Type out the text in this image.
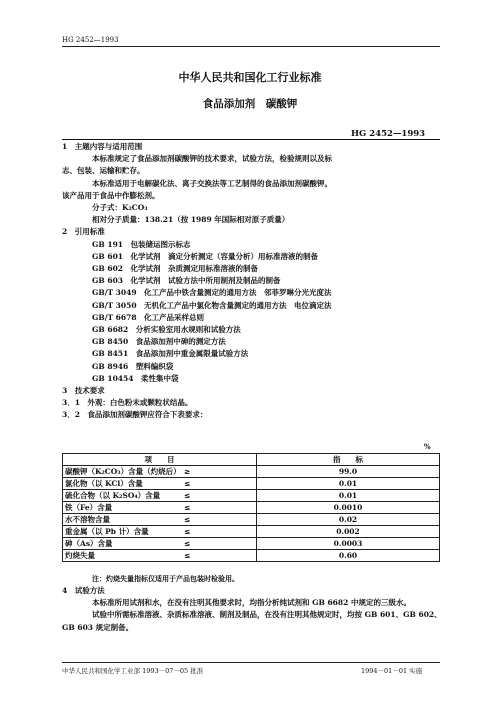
HG 2452—1993
中华人民共和国化工行业标准
食品添加剂　碳酸钾
HG 2452—1993

1　主题内容与适用范围

本标准规定了食品添加剂碳酸钾的技术要求，试验方法，检验规则以及标

志、包装、运输和贮存。

本标准适用于电解碳化法、离子交换法等工艺制得的食品添加剂碳酸钾。

该产品用于食品中作膨松剂。

分子式：K₂CO₃

相对分子质量：138.21（按 1989 年国际相对原子质量）

2　引用标准

GB 191　包装储运图示标志

GB 601　化学试剂　滴定分析测定（容量分析）用标准溶液的制备

GB 602　化学试剂　杂质测定用标准溶液的制备

GB 603　化学试剂　试验方法中所用制剂及制品的制备

GB/T 3049　化工产品中铁含量测定的通用方法　邻菲罗啉分光光度法

GB/T 3050　无机化工产品中氯化物含量测定的通用方法　电位滴定法

GB/T 6678　化工产品采样总则

GB 6682　分析实验室用水规则和试验方法

GB 8450　食品添加剂中砷的测定方法

GB 8451　食品添加剂中重金属限量试验方法

GB 8946　塑料编织袋

GB 10454　柔性集中袋

3　技术要求

3．1　外观：白色粉末或颗粒状结晶。

3．2　食品添加剂碳酸钾应符合下表要求：

%
项　　目		指　　标
碳酸钾（K₂CO₃）含量（灼烧后）	≥	99.0
氯化物（以 KCl）含量	≤	0.01
硫化合物（以 K₂SO₄）含量	≤	0.01
铁（Fe）含量	≤	0.0010
水不溶物含量	≤	0.02
重金属（以 Pb 计）含量	≤	0.002
砷（As）含量	≤	0.0003
灼烧失量	≤	0.60
注：灼烧失量指标仅适用于产品包装时检验用。

4　试验方法

本标准所用试剂和水，在没有注明其他要求时，均指分析纯试剂和 GB 6682 中规定的三级水。

试验中所需标准溶液、杂质标准溶液、制剂及制品，在没有注明其他规定时，均按 GB 601、GB 602、GB 603 规定制备。

中华人民共和国化学工业部 1993－07－05 批准	1994－01－01 实施
